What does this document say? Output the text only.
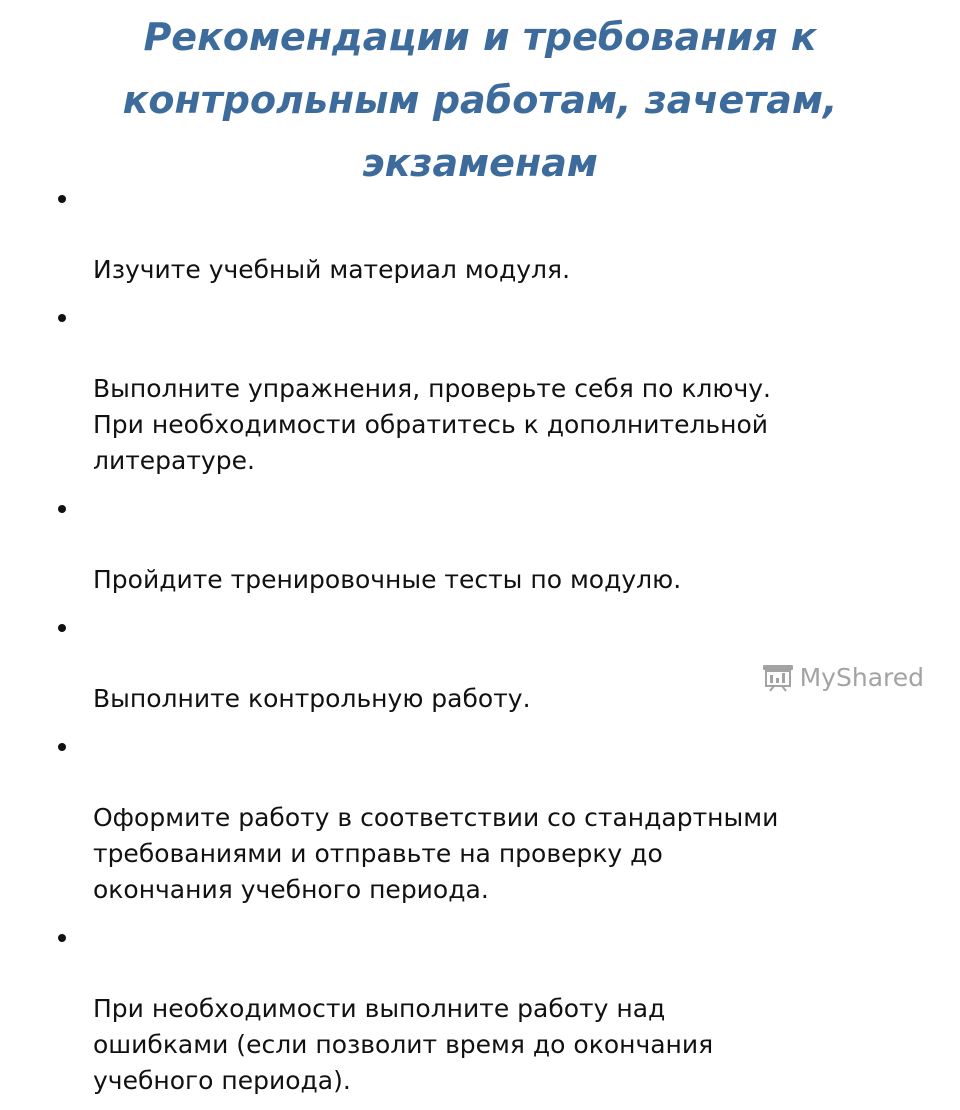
Рекомендации и требования к
контрольным работам, зачетам,
экзаменам

Изучите учебный материал модуля.

Выполните упражнения, проверьте себя по ключу.
При необходимости обратитесь к дополнительной
литературе.

Пройдите тренировочные тесты по модулю.

Выполните контрольную работу.

Оформите работу в соответствии со стандартными
требованиями и отправьте на проверку до
окончания учебного периода.

При необходимости выполните работу над
ошибками (если позволит время до окончания
учебного периода).

MyShared
